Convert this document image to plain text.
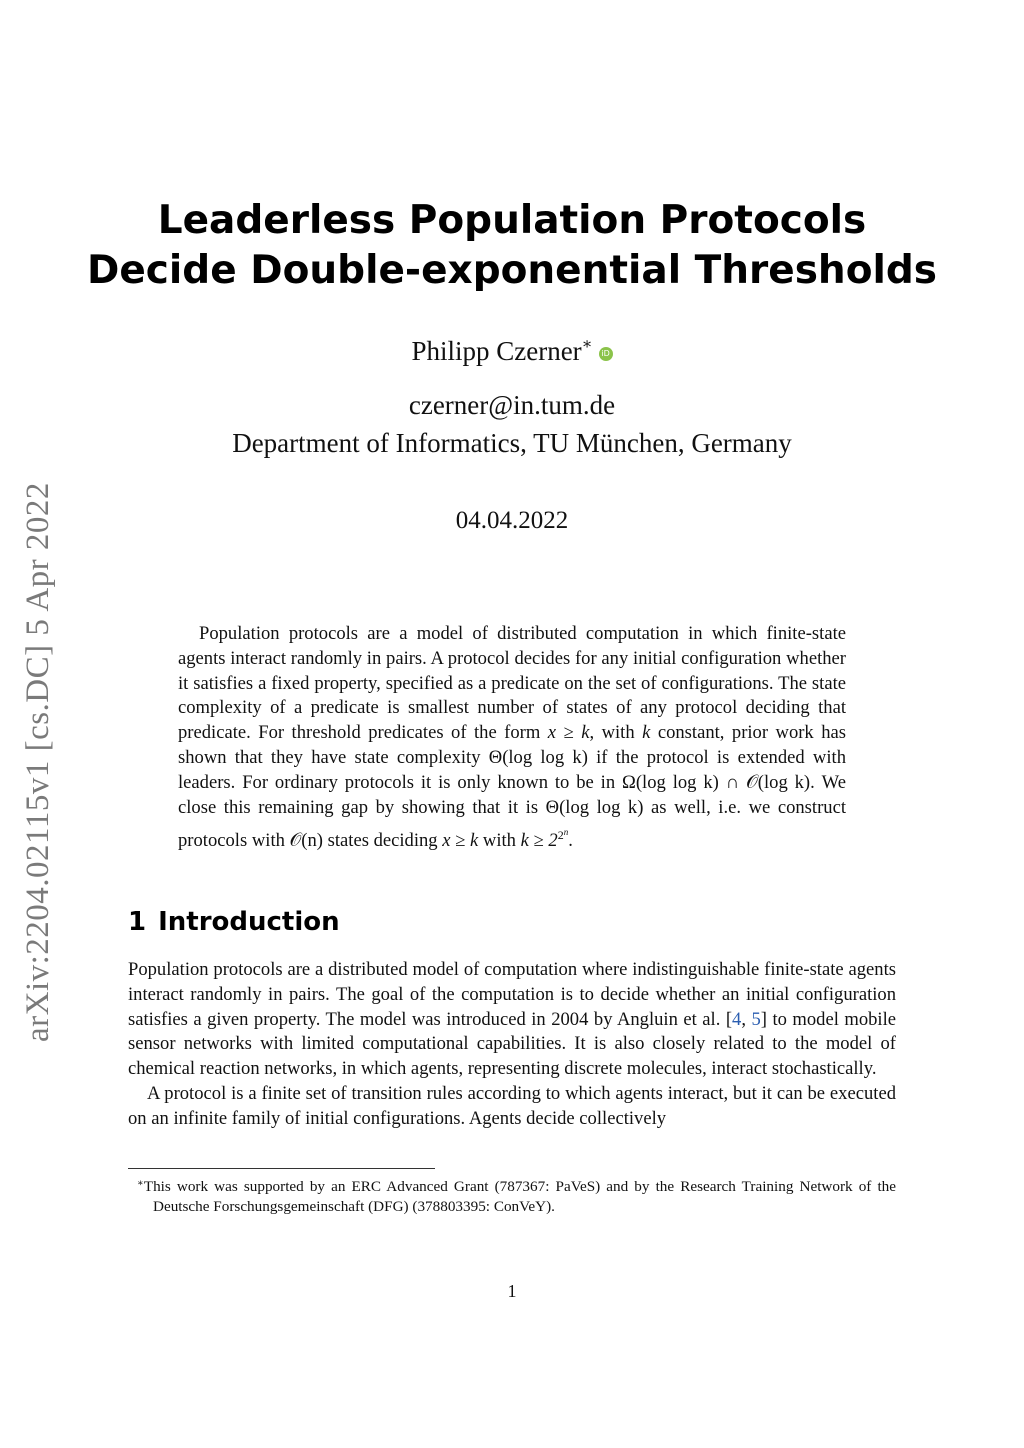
arXiv:2204.02115v1 [cs.DC] 5 Apr 2022
Leaderless Population Protocols
Decide Double-exponential Thresholds
Philipp Czerner∗iD
czerner@in.tum.de
Department of Informatics, TU München, Germany
04.04.2022

Population protocols are a model of distributed computation in which finite-state agents interact randomly in pairs. A protocol decides for any initial configuration whether it satisfies a fixed property, specified as a predicate on the set of configurations. The state complexity of a predicate is smallest number of states of any protocol deciding that predicate. For threshold predicates of the form x ≥ k, with k constant, prior work has shown that they have state complexity Θ(log log k) if the protocol is extended with leaders. For ordinary protocols it is only known to be in Ω(log log k) ∩ 𝒪(log k). We close this remaining gap by showing that it is Θ(log log k) as well, i.e. we construct protocols with 𝒪(n) states deciding x ≥ k with $k \ge 2^{2^n}$.

1 Introduction

Population protocols are a distributed model of computation where indistinguishable finite-state agents interact randomly in pairs. The goal of the computation is to decide whether an initial configuration satisfies a given property. The model was introduced in 2004 by Angluin et al. [4, 5] to model mobile sensor networks with limited computational capabilities. It is also closely related to the model of chemical reaction networks, in which agents, representing discrete molecules, interact stochastically.

A protocol is a finite set of transition rules according to which agents interact, but it can be executed on an infinite family of initial configurations. Agents decide collectively

∗This work was supported by an ERC Advanced Grant (787367: PaVeS) and by the Research Training Network of the Deutsche Forschungsgemeinschaft (DFG) (378803395: ConVeY).

1
